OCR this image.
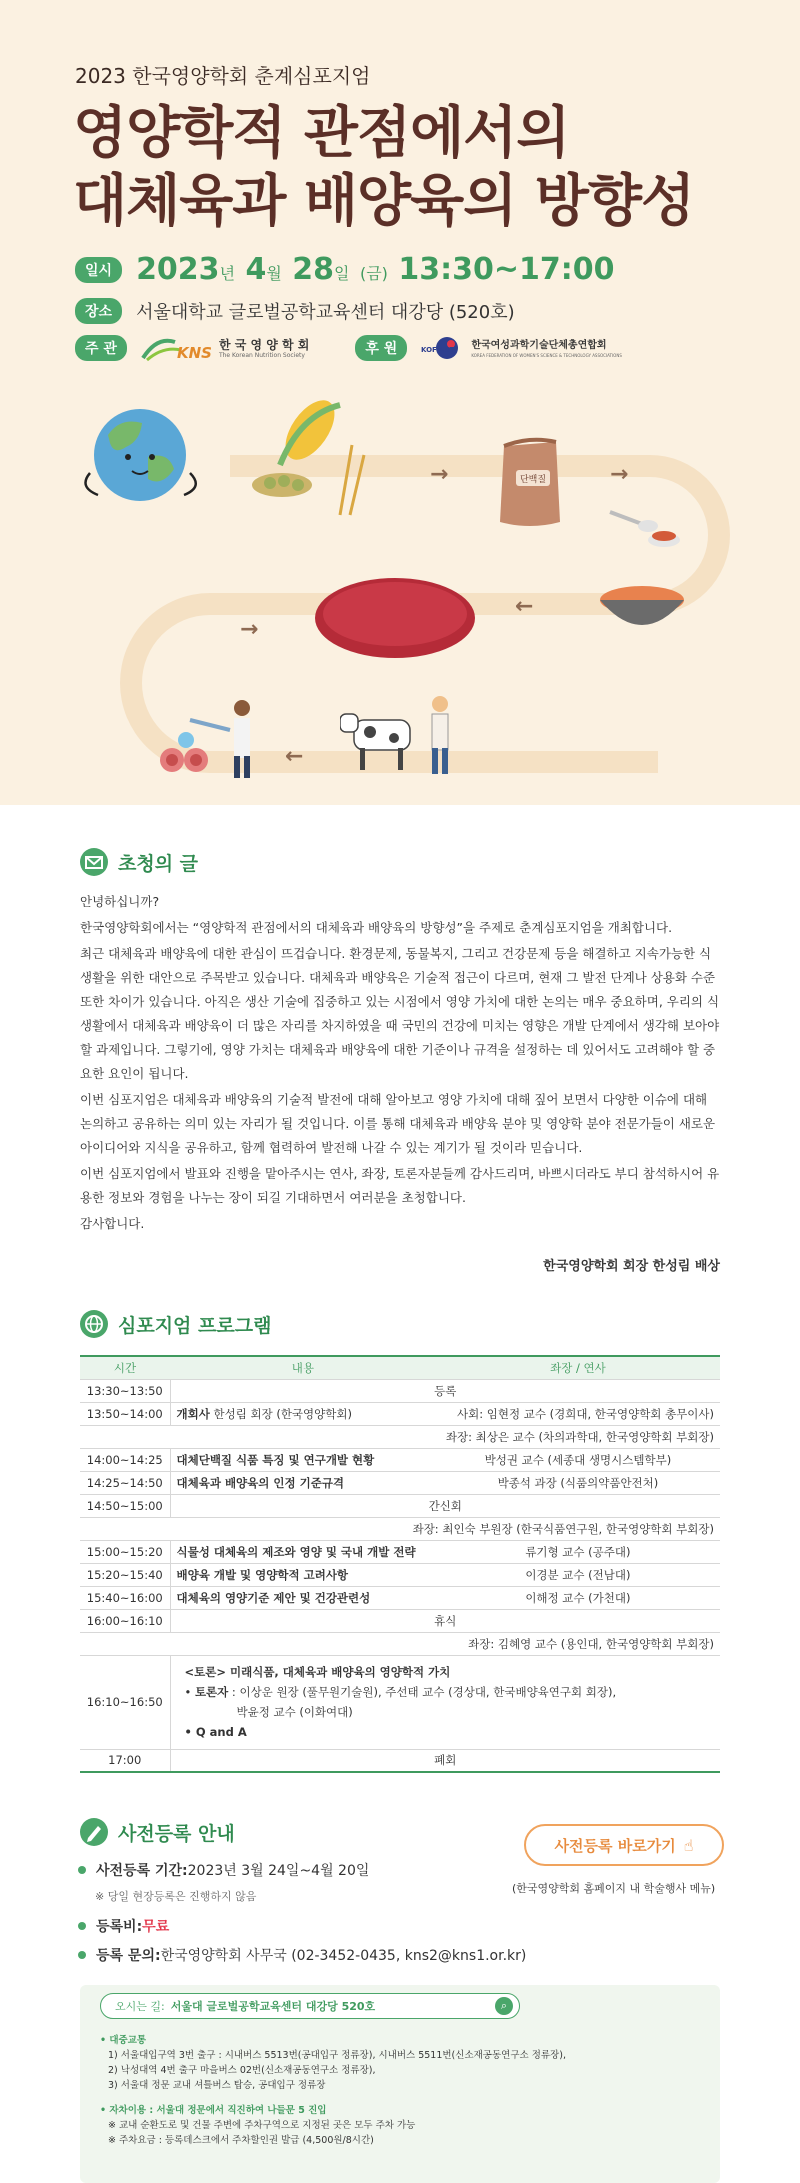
2023 한국영양학회 춘계심포지엄
영양학적 관점에서의
대체육과 배양육의 방향성
일시 2023년 4월 28일 (금) 13:30~17:00
장소	서울대학교 글로벌공학교육센터 대강당 (520호)
주 관	KNS 한 국 영 양 학 회
The Korean Nutrition Society	후 원	KOFWST 한국여성과학기술단체총연합회
KOREA FEDERATION OF WOMEN'S SCIENCE & TECHNOLOGY ASSOCIATIONS
→	→
←
→
←
단백질
초청의 글

안녕하십니까?

한국영양학회에서는 “영양학적 관점에서의 대체육과 배양육의 방향성”을 주제로 춘계심포지엄을 개최합니다.

최근 대체육과 배양육에 대한 관심이 뜨겁습니다. 환경문제, 동물복지, 그리고 건강문제 등을 해결하고 지속가능한 식생활을 위한 대안으로 주목받고 있습니다. 대체육과 배양육은 기술적 접근이 다르며, 현재 그 발전 단계나 상용화 수준 또한 차이가 있습니다. 아직은 생산 기술에 집중하고 있는 시점에서 영양 가치에 대한 논의는 매우 중요하며, 우리의 식생활에서 대체육과 배양육이 더 많은 자리를 차지하였을 때 국민의 건강에 미치는 영향은 개발 단계에서 생각해 보아야 할 과제입니다. 그렇기에, 영양 가치는 대체육과 배양육에 대한 기준이나 규격을 설정하는 데 있어서도 고려해야 할 중요한 요인이 됩니다.

이번 심포지엄은 대체육과 배양육의 기술적 발전에 대해 알아보고 영양 가치에 대해 짚어 보면서 다양한 이슈에 대해 논의하고 공유하는 의미 있는 자리가 될 것입니다. 이를 통해 대체육과 배양육 분야 및 영양학 분야 전문가들이 새로운 아이디어와 지식을 공유하고, 함께 협력하여 발전해 나갈 수 있는 계기가 될 것이라 믿습니다.

이번 심포지엄에서 발표와 진행을 맡아주시는 연사, 좌장, 토론자분들께 감사드리며, 바쁘시더라도 부디 참석하시어 유용한 정보와 경험을 나누는 장이 되길 기대하면서 여러분을 초청합니다.

감사합니다.

한국영양학회 회장 한성림 배상
심포지엄 프로그램
시간	내용	좌장 / 연사
13:30~13:50	등록	
13:50~14:00	개회사 한성림 회장 (한국영양학회)	사회: 임현정 교수 (경희대, 한국영양학회 총무이사)
좌장: 최상은 교수 (차의과학대, 한국영양학회 부회장)		
14:00~14:25	대체단백질 식품 특징 및 연구개발 현황	박성권 교수 (세종대 생명시스템학부)
14:25~14:50	대체육과 배양육의 인정 기준규격	박종석 과장 (식품의약품안전처)
14:50~15:00	간신회	
좌장: 최인숙 부원장 (한국식품연구원, 한국영양학회 부회장)		
15:00~15:20	식물성 대체육의 제조와 영양 및 국내 개발 전략	류기형 교수 (공주대)
15:20~15:40	배양육 개발 및 영양학적 고려사항	이경분 교수 (전남대)
15:40~16:00	대체육의 영양기준 제안 및 건강관련성	이해정 교수 (가천대)
16:00~16:10	휴식	
좌장: 김혜영 교수 (용인대, 한국영양학회 부회장)		
16:10~16:50	<토론> 미래식품, 대체육과 배양육의 영양학적 가치
• 토론자 : 이상운 원장 (풀무원기술원), 주선태 교수 (경상대, 한국배양육연구회 회장),
박윤정 교수 (이화여대)
• Q and A	

17:00	폐회	
사전등록 안내
사전등록 기간: 2023년 3월 24일~4월 20일
※ 당일 현장등록은 진행하지 않음
등록비: 무료
등록 문의: 한국영양학회 사무국 (02-3452-0435, kns2@kns1.or.kr)
사전등록 바로가기 ☝
(한국영양학회 홈페이지 내 학술행사 메뉴)
오시는 길: 서울대 글로벌공학교육센터 대강당 520호	⌕
• 대중교통
1) 서울대입구역 3번 출구 : 시내버스 5513번(공대입구 정류장), 시내버스 5511번(신소재공동연구소 정류장),
2) 낙성대역 4번 출구 마을버스 02번(신소재공동연구소 정류장),
3) 서울대 정문 교내 셔틀버스 탑승, 공대입구 정류장
• 자차이용 : 서울대 정문에서 직진하여 나들문 5 진입
※ 교내 순환도로 및 건물 주변에 주차구역으로 지정된 곳은 모두 주차 가능
※ 주차요금 : 등록데스크에서 주차할인권 발급 (4,500원/8시간)
